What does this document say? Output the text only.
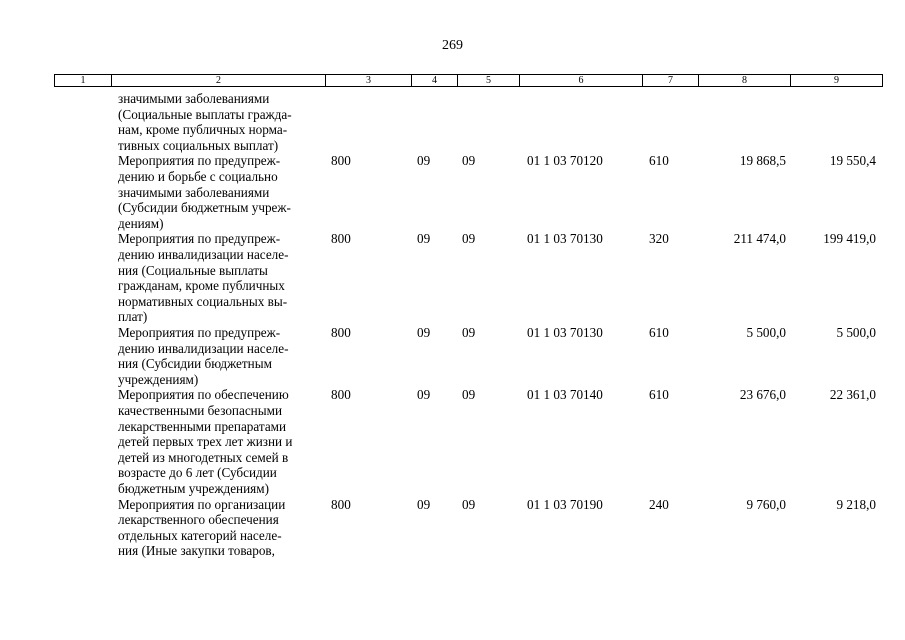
269
1	2	3	4	5	6	7	8	9
значимыми заболеваниями
(Социальные выплаты гражда-
нам, кроме публичных норма-
тивных социальных выплат)
Мероприятия по предупреж-
дению и борьбе с социально
значимыми заболеваниями
(Субсидии бюджетным учреж-
дениям)
800	09	09	01 1 03 70120	610	19 868,5	19 550,4
Мероприятия по предупреж-
дению инвалидизации населе-
ния (Социальные выплаты
гражданам, кроме публичных
нормативных социальных вы-
плат)
800	09	09	01 1 03 70130	320	211 474,0	199 419,0
Мероприятия по предупреж-
дению инвалидизации населе-
ния (Субсидии бюджетным
учреждениям)
800	09	09	01 1 03 70130	610	5 500,0	5 500,0
Мероприятия по обеспечению
качественными безопасными
лекарственными препаратами
детей первых трех лет жизни и
детей из многодетных семей в
возрасте до 6 лет (Субсидии
бюджетным учреждениям)
800	09	09	01 1 03 70140	610	23 676,0	22 361,0
Мероприятия по организации
лекарственного обеспечения
отдельных категорий населе-
ния (Иные закупки товаров,
800	09	09	01 1 03 70190	240	9 760,0	9 218,0
